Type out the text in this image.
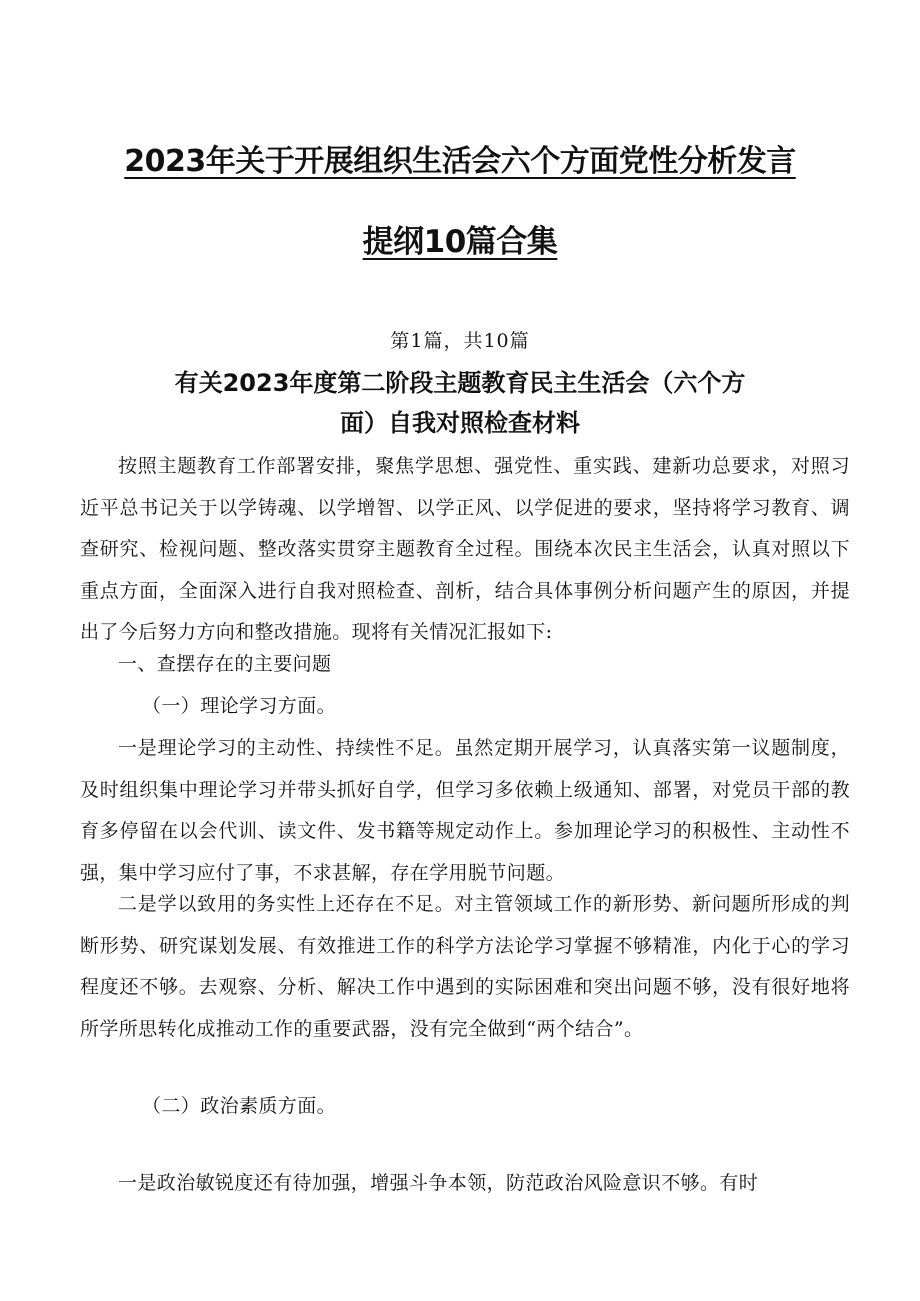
2023年关于开展组织生活会六个方面党性分析发言
提纲10篇合集

第1篇，共10篇

有关2023年度第二阶段主题教育民主生活会（六个方
面）自我对照检查材料

按照主题教育工作部署安排，聚焦学思想、强党性、重实践、建新功总要求，对照习近平总书记关于以学铸魂、以学增智、以学正风、以学促进的要求，坚持将学习教育、调查研究、检视问题、整改落实贯穿主题教育全过程。围绕本次民主生活会，认真对照以下重点方面，全面深入进行自我对照检查、剖析，结合具体事例分析问题产生的原因，并提出了今后努力方向和整改措施。现将有关情况汇报如下:

一、查摆存在的主要问题

（一）理论学习方面。

一是理论学习的主动性、持续性不足。虽然定期开展学习，认真落实第一议题制度，及时组织集中理论学习并带头抓好自学，但学习多依赖上级通知、部署，对党员干部的教育多停留在以会代训、读文件、发书籍等规定动作上。参加理论学习的积极性、主动性不强，集中学习应付了事，不求甚解，存在学用脱节问题。

二是学以致用的务实性上还存在不足。对主管领域工作的新形势、新问题所形成的判断形势、研究谋划发展、有效推进工作的科学方法论学习掌握不够精准，内化于心的学习程度还不够。去观察、分析、解决工作中遇到的实际困难和突出问题不够，没有很好地将所学所思转化成推动工作的重要武器，没有完全做到“两个结合”。

（二）政治素质方面。

一是政治敏锐度还有待加强，增强斗争本领，防范政治风险意识不够。有时
